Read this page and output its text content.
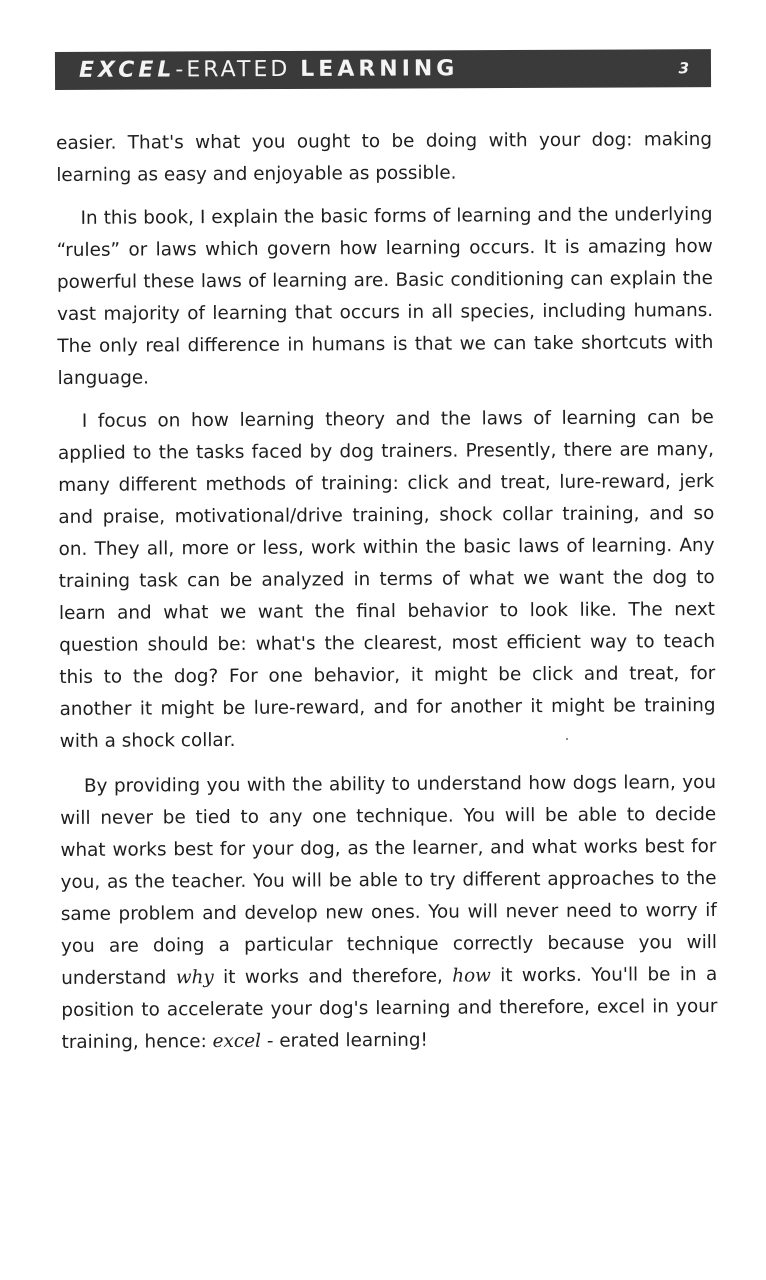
EXCEL-ERATED LEARNING	3

easier. That's what you ought to be doing with your dog: making learning as easy and enjoyable as possible.

In this book, I explain the basic forms of learning and the underlying “rules” or laws which govern how learning occurs. It is amazing how powerful these laws of learning are. Basic conditioning can explain the vast majority of learning that occurs in all species, including humans. The only real difference in humans is that we can take shortcuts with language.

I focus on how learning theory and the laws of learning can be applied to the tasks faced by dog trainers. Presently, there are many, many different methods of training: click and treat, lure-reward, jerk and praise, motivational/drive training, shock collar training, and so on. They all, more or less, work within the basic laws of learning. Any training task can be analyzed in terms of what we want the dog to learn and what we want the final behavior to look like. The next question should be: what's the clearest, most efficient way to teach this to the dog? For one behavior, it might be click and treat, for another it might be lure-reward, and for another it might be training with a shock collar.

By providing you with the ability to understand how dogs learn, you will never be tied to any one technique. You will be able to decide what works best for your dog, as the learner, and what works best for you, as the teacher. You will be able to try different approaches to the same problem and develop new ones. You will never need to worry if you are doing a particular technique correctly because you will understand why it works and therefore, how it works. You'll be in a position to accelerate your dog's learning and therefore, excel in your training, hence: excel - erated learning!
